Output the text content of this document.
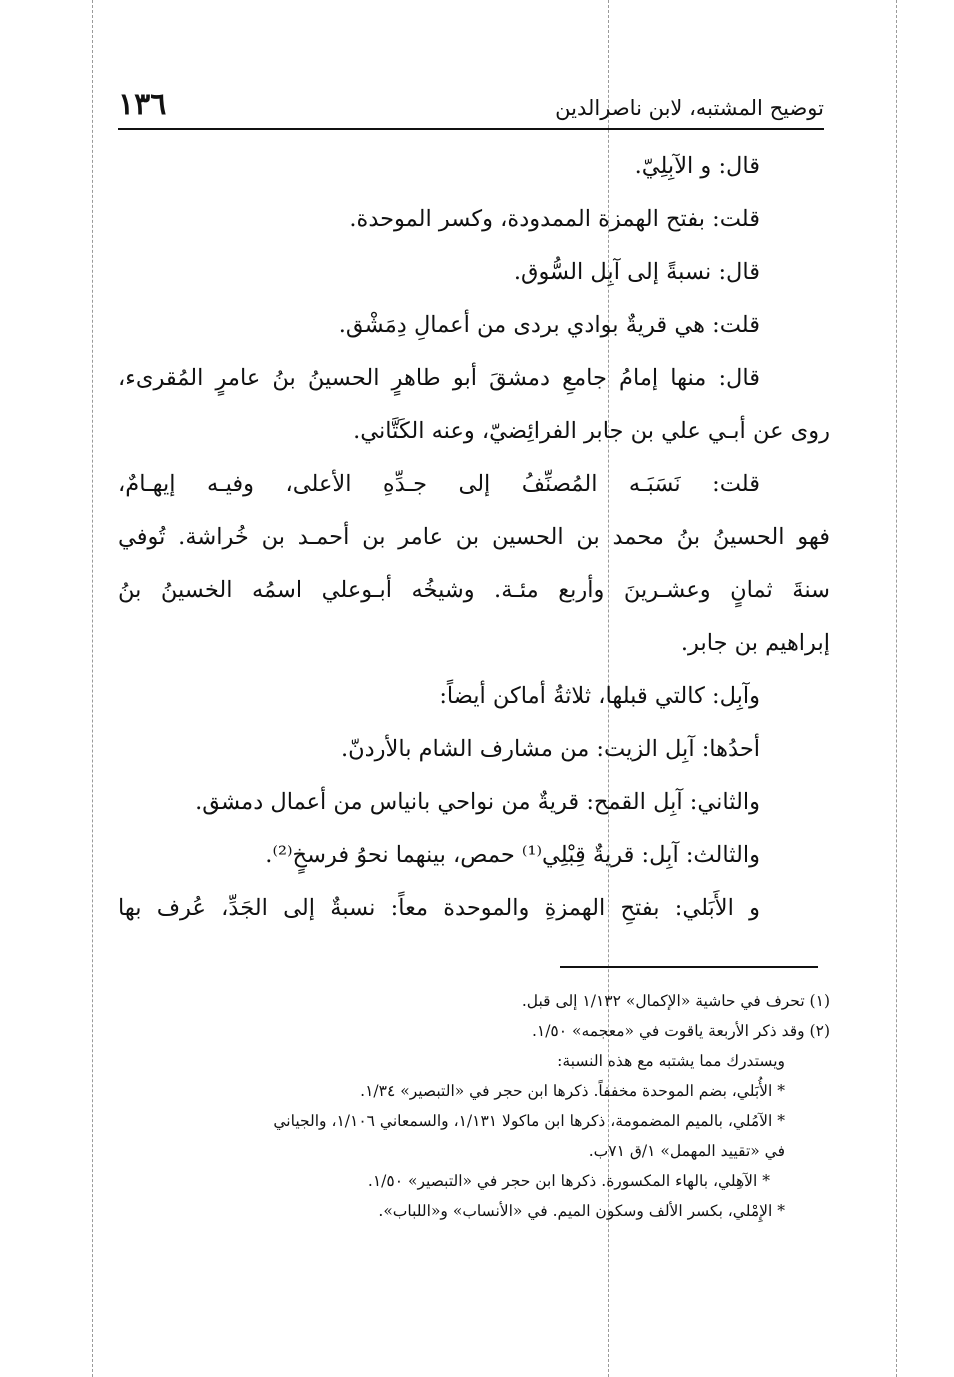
١٣٦	توضيح المشتبه، لابن ناصرالدين
قال: و الآبِلِيّ.
قلت: بفتح الهمزة الممدودة، وكسر الموحدة.
قال: نسبةً إلى آبِل السُّوق.
قلت: هي قريةٌ بوادي بردى من أعمالِ دِمَشْق.
قال: منها إمامُ جامعِ دمشقَ أبو طاهرٍ الحسينُ بنُ عامرٍ المُقرىء،
روى عن أبـي علي بن جابر الفرائِضيّ، وعنه الكَتَّاني.
قلت: نَسَبَـه المُصنِّفُ إلى جـدِّهِ الأعلى، وفيـه إيهـامٌ،
فهو الحسينُ بنُ محمد بن الحسين بن عامر بن أحمـد بن خُراشة. تُوفي
سنةَ ثمانٍ وعشـرينَ وأربع مئـة. وشيخُه أبـوعلي اسمُه الخسينُ بنُ
إبراهيم بن جابر.
وآبِل: كالتي قبلها، ثلاثةُ أماكن أيضاً:
أحدُها: آبِل الزيت: من مشارف الشام بالأردنّ.
والثاني: آبِل القمح: قريةٌ من نواحي بانياس من أعمال دمشق.
والثالث: آبِل: قريةٌ قِبْلِي⁽¹⁾ حمص، بينهما نحوُ فرسخٍ⁽²⁾.
و الأَبَلي: بفتحِ الهمزةِ والموحدة معاً: نسبةٌ إلى الجَدِّ، عُرف بها
(١) تحرف في حاشية «الإكمال» ١/١٣٢ إلى قبل.
(٢) وقد ذكر الأربعة ياقوت في «معجمه» ١/٥٠.
ويستدرك مما يشتبه مع هذه النسبة:
* الأُبَلي، بضم الموحدة مخففاً. ذكرها ابن حجر في «التبصير» ١/٣٤.
* الآمُلي، بالميم المضمومة، ذكرها ابن ماكولا ١/١٣١، والسمعاني ١/١٠٦، والجياني
في «تقييد المهمل» ١/ق ٧١ب.
* الآهِلي، بالهاء المكسورة. ذكرها ابن حجر في «التبصير» ١/٥٠.
* الإِمْلي، بكسر الألف وسكون الميم. في «الأنساب» و«اللباب».
